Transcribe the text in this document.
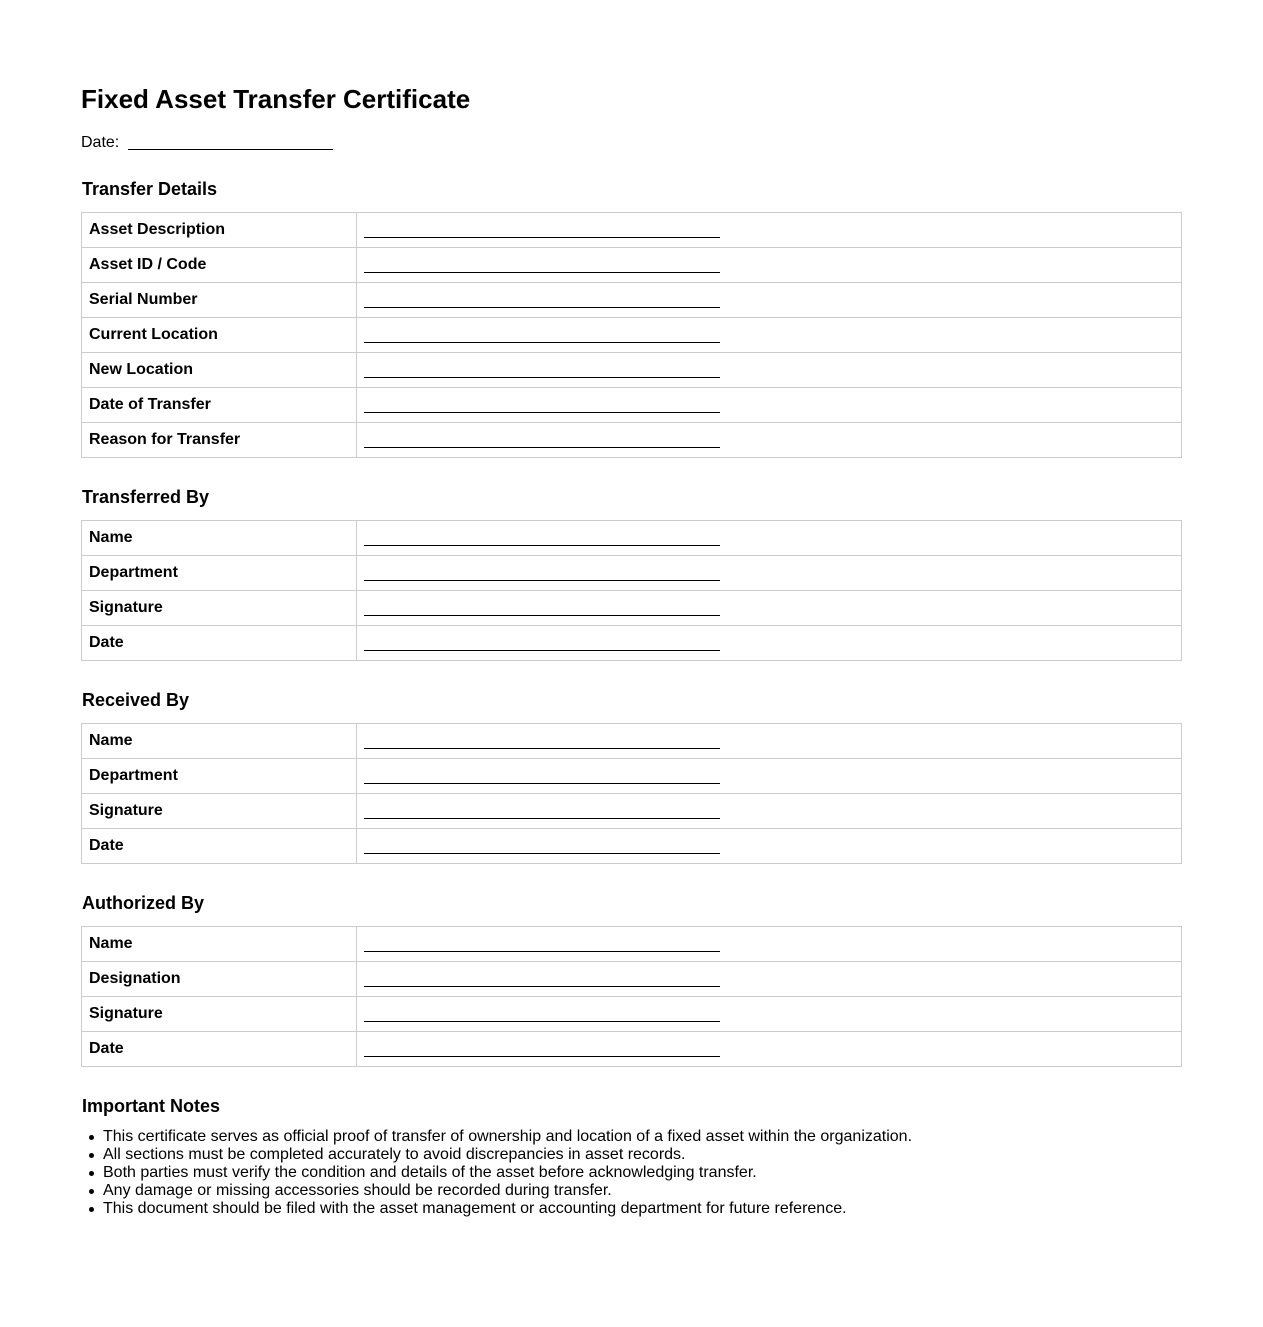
Fixed Asset Transfer Certificate
Date:
Transfer Details
Asset Description	

Asset ID / Code	

Serial Number	

Current Location	

New Location	

Date of Transfer	

Reason for Transfer	
Transferred By
Name	

Department	

Signature	

Date	
Received By
Name	

Department	

Signature	

Date	
Authorized By
Name	

Designation	

Signature	

Date	
Important Notes
This certificate serves as official proof of transfer of ownership and location of a fixed asset within the organization.
All sections must be completed accurately to avoid discrepancies in asset records.
Both parties must verify the condition and details of the asset before acknowledging transfer.
Any damage or missing accessories should be recorded during transfer.
This document should be filed with the asset management or accounting department for future reference.
